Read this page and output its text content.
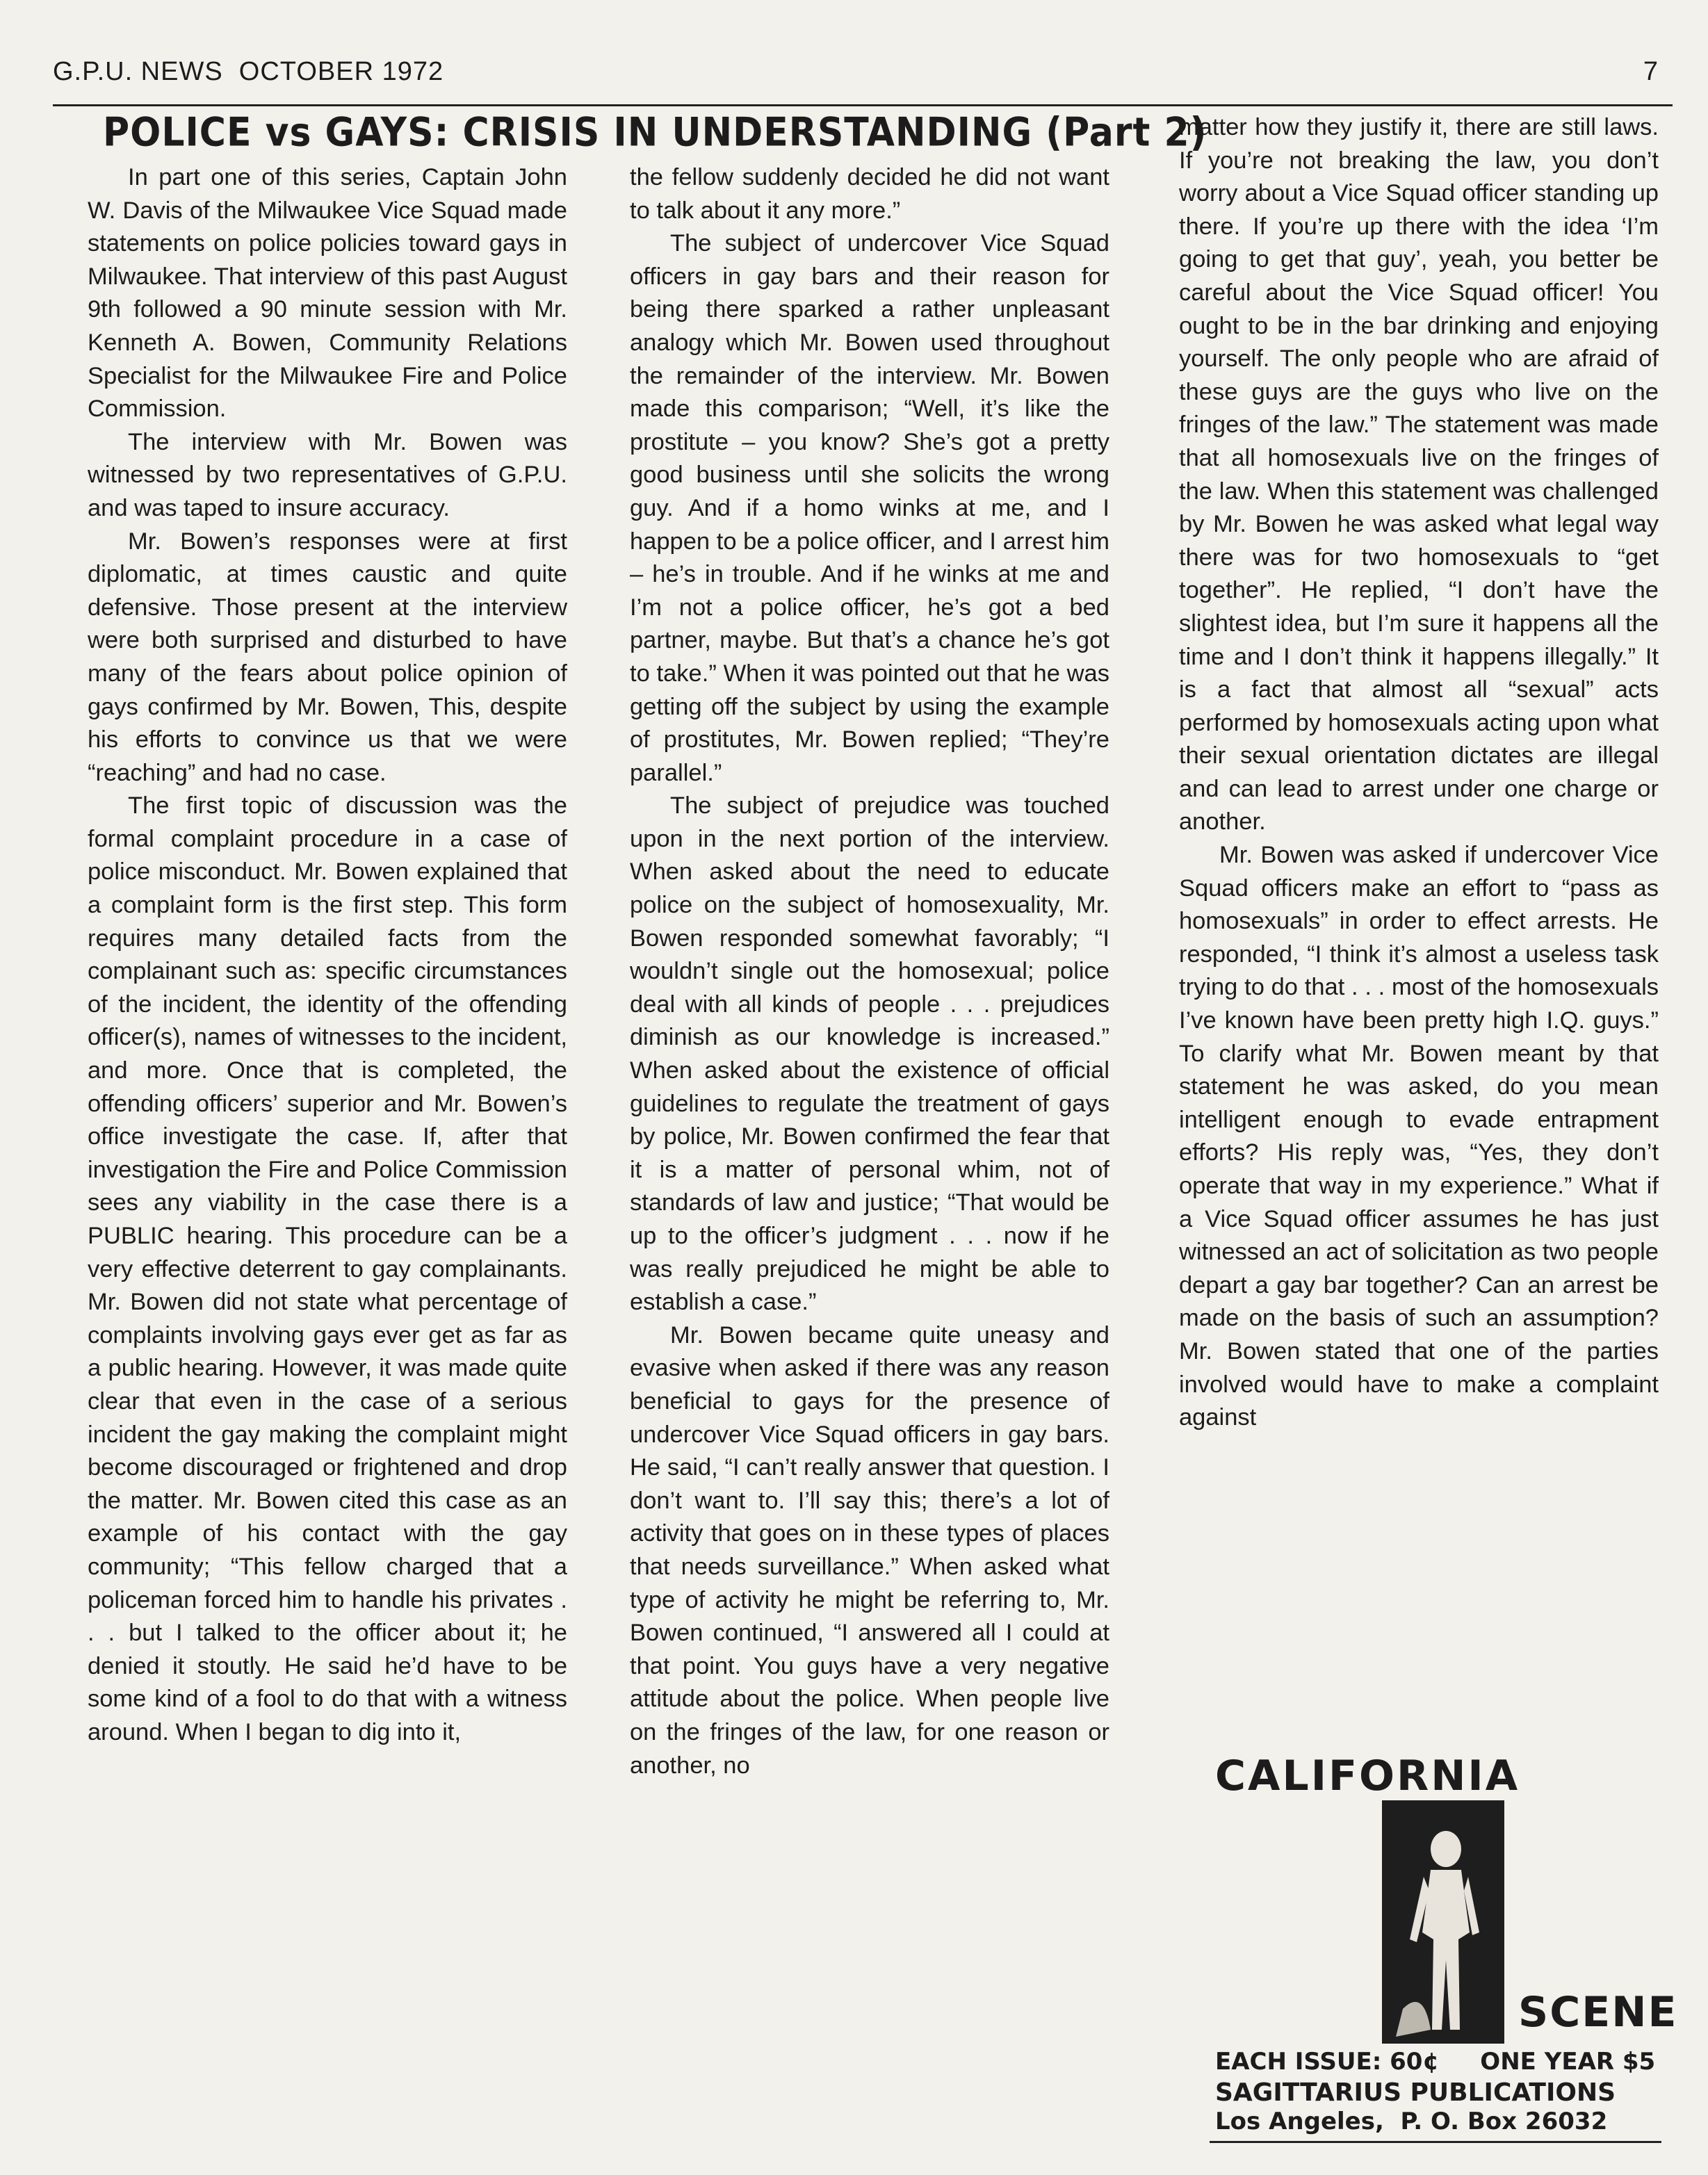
G.P.U. NEWS  OCTOBER 1972	7
POLICE vs GAYS: CRISIS IN UNDERSTANDING (Part 2)

In part one of this series, Captain John W. Davis of the Milwaukee Vice Squad made statements on police policies toward gays in Milwaukee. That interview of this past August 9th followed a 90 minute session with Mr. Kenneth A. Bowen, Community Relations Specialist for the Milwaukee Fire and Police Commission.

The interview with Mr. Bowen was witnessed by two representatives of G.P.U. and was taped to insure accuracy.

Mr. Bowen’s responses were at first diplomatic, at times caustic and quite defensive. Those present at the interview were both surprised and disturbed to have many of the fears about police opinion of gays confirmed by Mr. Bowen, This, despite his efforts to convince us that we were “reaching” and had no case.

The first topic of discussion was the formal complaint procedure in a case of police misconduct. Mr. Bowen explained that a complaint form is the first step. This form requires many detailed facts from the complainant such as: specific circumstances of the incident, the identity of the offending officer(s), names of witnesses to the incident, and more. Once that is completed, the offending officers’ superior and Mr. Bowen’s office investigate the case. If, after that investigation the Fire and Police Commission sees any viability in the case there is a PUBLIC hearing. This procedure can be a very effective deterrent to gay complainants. Mr. Bowen did not state what percentage of complaints involving gays ever get as far as a public hearing. However, it was made quite clear that even in the case of a serious incident the gay making the complaint might become discouraged or frightened and drop the matter. Mr. Bowen cited this case as an example of his contact with the gay community; “This fellow charged that a policeman forced him to handle his privates . . . but I talked to the officer about it; he denied it stoutly. He said he’d have to be some kind of a fool to do that with a witness around. When I began to dig into it,

the fellow suddenly decided he did not want to talk about it any more.”

The subject of undercover Vice Squad officers in gay bars and their reason for being there sparked a rather unpleasant analogy which Mr. Bowen used throughout the remainder of the interview. Mr. Bowen made this comparison; “Well, it’s like the prostitute – you know? She’s got a pretty good business until she solicits the wrong guy. And if a homo winks at me, and I happen to be a police officer, and I arrest him – he’s in trouble. And if he winks at me and I’m not a police officer, he’s got a bed partner, maybe. But that’s a chance he’s got to take.” When it was pointed out that he was getting off the subject by using the example of prostitutes, Mr. Bowen replied; “They’re parallel.”

The subject of prejudice was touched upon in the next portion of the interview. When asked about the need to educate police on the subject of homosexuality, Mr. Bowen responded somewhat favorably; “I wouldn’t single out the homosexual; police deal with all kinds of people . . . prejudices diminish as our knowledge is increased.” When asked about the existence of official guidelines to regulate the treatment of gays by police, Mr. Bowen confirmed the fear that it is a matter of personal whim, not of standards of law and justice; “That would be up to the officer’s judgment . . . now if he was really prejudiced he might be able to establish a case.”

Mr. Bowen became quite uneasy and evasive when asked if there was any reason beneficial to gays for the presence of undercover Vice Squad officers in gay bars. He said, “I can’t really answer that question. I don’t want to. I’ll say this; there’s a lot of activity that goes on in these types of places that needs surveillance.” When asked what type of activity he might be referring to, Mr. Bowen continued, “I answered all I could at that point. You guys have a very negative attitude about the police. When people live on the fringes of the law, for one reason or another, no

matter how they justify it, there are still laws. If you’re not breaking the law, you don’t worry about a Vice Squad officer standing up there. If you’re up there with the idea ‘I’m going to get that guy’, yeah, you better be careful about the Vice Squad officer! You ought to be in the bar drinking and enjoying yourself. The only people who are afraid of these guys are the guys who live on the fringes of the law.” The statement was made that all homosexuals live on the fringes of the law. When this statement was challenged by Mr. Bowen he was asked what legal way there was for two homosexuals to “get together”. He replied, “I don’t have the slightest idea, but I’m sure it happens all the time and I don’t think it happens illegally.” It is a fact that almost all “sexual” acts performed by homosexuals acting upon what their sexual orientation dictates are illegal and can lead to arrest under one charge or another.

Mr. Bowen was asked if undercover Vice Squad officers make an effort to “pass as homosexuals” in order to effect arrests. He responded, “I think it’s almost a useless task trying to do that . . . most of the homosexuals I’ve known have been pretty high I.Q. guys.” To clarify what Mr. Bowen meant by that statement he was asked, do you mean intelligent enough to evade entrapment efforts? His reply was, “Yes, they don’t operate that way in my experience.” What if a Vice Squad officer assumes he has just witnessed an act of solicitation as two people depart a gay bar together? Can an arrest be made on the basis of such an assumption? Mr. Bowen stated that one of the parties involved would have to make a complaint against

CALIFORNIA
SCENE
EACH ISSUE: 60¢     ONE YEAR $5
SAGITTARIUS PUBLICATIONS
Los Angeles,  P. O. Box 26032
